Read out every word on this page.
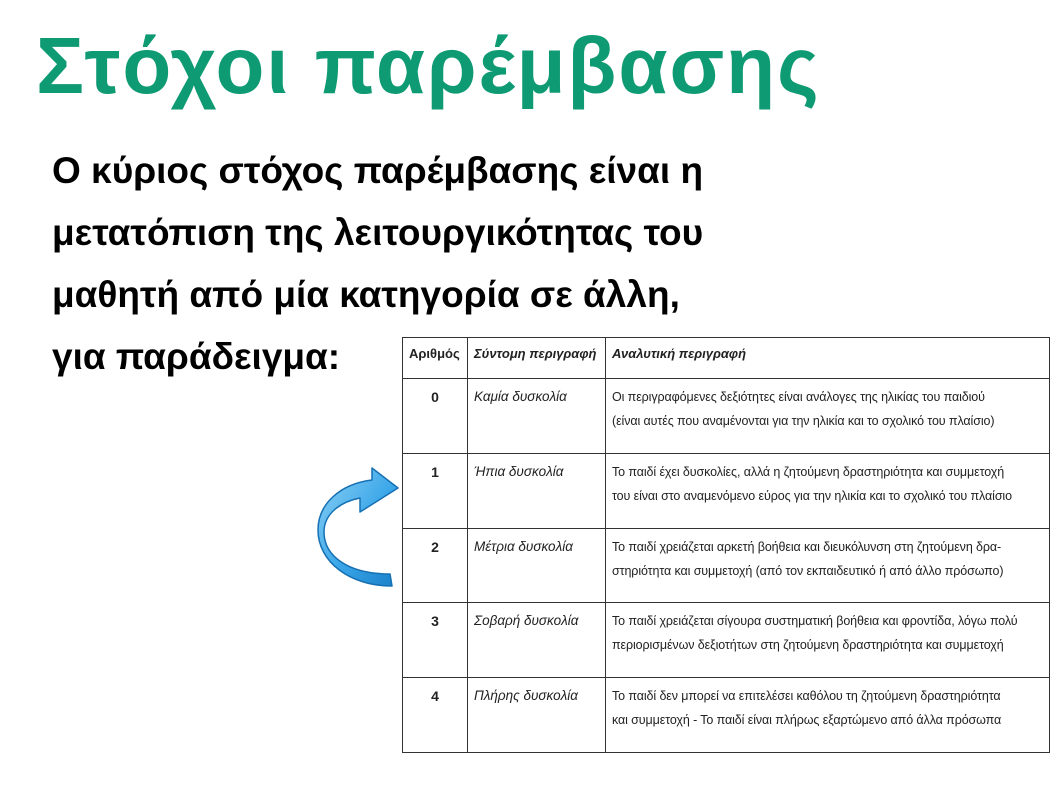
Στόχοι παρέμβασης

Ο κύριος στόχος παρέμβασης είναι η
μετατόπιση της λειτουργικότητας του
μαθητή από μία κατηγορία σε άλλη,
για παράδειγμα:	Αριθμός	Σύντομη περιγραφή	Αναλυτική περιγραφή
0	Καμία δυσκολία	Οι περιγραφόμενες δεξιότητες είναι ανάλογες της ηλικίας του παιδιού
(είναι αυτές που αναμένονται για την ηλικία και το σχολικό του πλαίσιο)

1	Ήπια δυσκολία	Το παιδί έχει δυσκολίες, αλλά η ζητούμενη δραστηριότητα και συμμετοχή
του είναι στο αναμενόμενο εύρος για την ηλικία και το σχολικό του πλαίσιο

2	Μέτρια δυσκολία	Το παιδί χρειάζεται αρκετή βοήθεια και διευκόλυνση στη ζητούμενη δρα-
στηριότητα και συμμετοχή (από τον εκπαιδευτικό ή από άλλο πρόσωπο)

3	Σοβαρή δυσκολία	Το παιδί χρειάζεται σίγουρα συστηματική βοήθεια και φροντίδα, λόγω πολύ
περιορισμένων δεξιοτήτων στη ζητούμενη δραστηριότητα και συμμετοχή

4	Πλήρης δυσκολία	Το παιδί δεν μπορεί να επιτελέσει καθόλου τη ζητούμενη δραστηριότητα
και συμμετοχή - Το παιδί είναι πλήρως εξαρτώμενο από άλλα πρόσωπα
